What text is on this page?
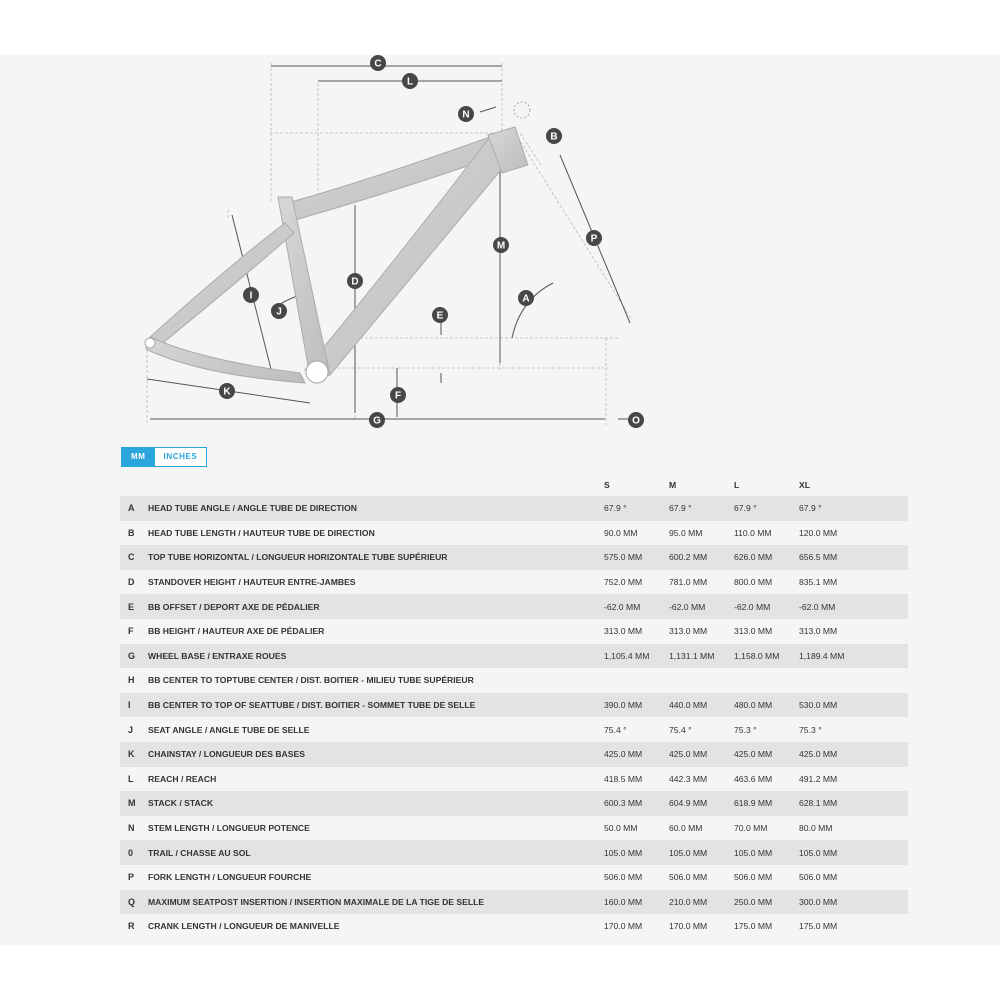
A
B
C
D
E
F
G
I
J
K
L
M
N
O
P
MM	INCHES
S	M	L	XL
A	HEAD TUBE ANGLE / ANGLE TUBE DE DIRECTION	67.9 °	67.9 °	67.9 °	67.9 °
B	HEAD TUBE LENGTH / HAUTEUR TUBE DE DIRECTION	90.0 MM	95.0 MM	110.0 MM	120.0 MM
C	TOP TUBE HORIZONTAL / LONGUEUR HORIZONTALE TUBE SUPÉRIEUR	575.0 MM	600.2 MM	626.0 MM	656.5 MM
D	STANDOVER HEIGHT / HAUTEUR ENTRE-JAMBES	752.0 MM	781.0 MM	800.0 MM	835.1 MM
E	BB OFFSET / DEPORT AXE DE PÉDALIER	-62.0 MM	-62.0 MM	-62.0 MM	-62.0 MM
F	BB HEIGHT / HAUTEUR AXE DE PÉDALIER	313.0 MM	313.0 MM	313.0 MM	313.0 MM
G	WHEEL BASE / ENTRAXE ROUES	1,105.4 MM	1,131.1 MM	1,158.0 MM	1,189.4 MM
H	BB CENTER TO TOPTUBE CENTER / DIST. BOITIER - MILIEU TUBE SUPÉRIEUR
I	BB CENTER TO TOP OF SEATTUBE / DIST. BOITIER - SOMMET TUBE DE SELLE	390.0 MM	440.0 MM	480.0 MM	530.0 MM
J	SEAT ANGLE / ANGLE TUBE DE SELLE	75.4 °	75.4 °	75.3 °	75.3 °
K	CHAINSTAY / LONGUEUR DES BASES	425.0 MM	425.0 MM	425.0 MM	425.0 MM
L	REACH / REACH	418.5 MM	442.3 MM	463.6 MM	491.2 MM
M	STACK / STACK	600.3 MM	604.9 MM	618.9 MM	628.1 MM
N	STEM LENGTH / LONGUEUR POTENCE	50.0 MM	60.0 MM	70.0 MM	80.0 MM
0	TRAIL / CHASSE AU SOL	105.0 MM	105.0 MM	105.0 MM	105.0 MM
P	FORK LENGTH / LONGUEUR FOURCHE	506.0 MM	506.0 MM	506.0 MM	506.0 MM
Q	MAXIMUM SEATPOST INSERTION / INSERTION MAXIMALE DE LA TIGE DE SELLE	160.0 MM	210.0 MM	250.0 MM	300.0 MM
R	CRANK LENGTH / LONGUEUR DE MANIVELLE	170.0 MM	170.0 MM	175.0 MM	175.0 MM
